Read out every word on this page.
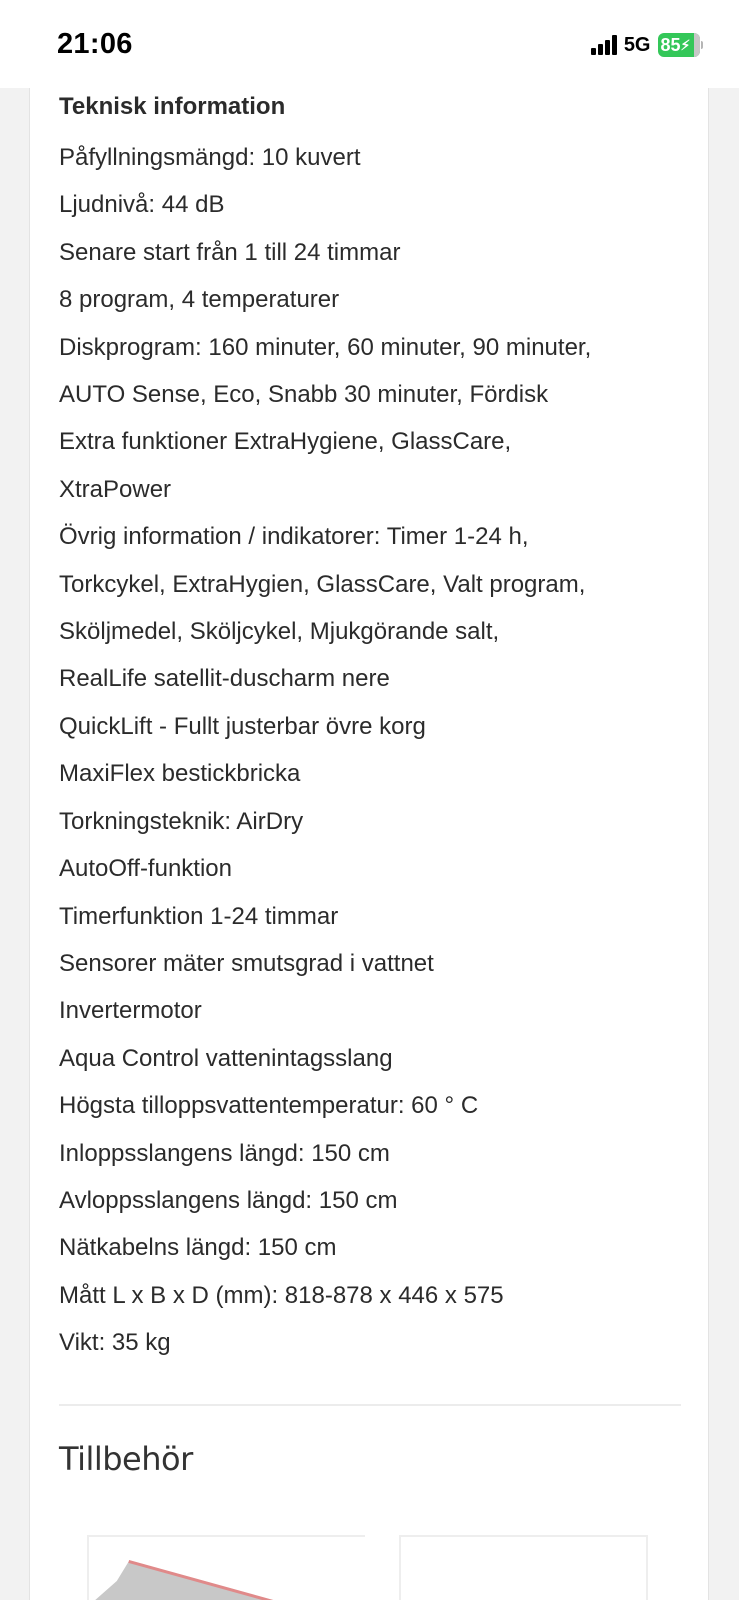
21:06	5G 85 ⚡︎
Teknisk information

Påfyllningsmängd: 10 kuvert

Ljudnivå: 44 dB

Senare start från 1 till 24 timmar

8 program, 4 temperaturer

Diskprogram: 160 minuter, 60 minuter, 90 minuter,

AUTO Sense, Eco, Snabb 30 minuter, Fördisk

Extra funktioner ExtraHygiene, GlassCare,

XtraPower

Övrig information / indikatorer: Timer 1-24 h,

Torkcykel, ExtraHygien, GlassCare, Valt program,

Sköljmedel, Sköljcykel, Mjukgörande salt,

RealLife satellit-duscharm nere

QuickLift - Fullt justerbar övre korg

MaxiFlex bestickbricka

Torkningsteknik: AirDry

AutoOff-funktion

Timerfunktion 1-24 timmar

Sensorer mäter smutsgrad i vattnet

Invertermotor

Aqua Control vattenintagsslang

Högsta tilloppsvattentemperatur: 60 ° C

Inloppsslangens längd: 150 cm

Avloppsslangens längd: 150 cm

Nätkabelns längd: 150 cm

Mått L x B x D (mm): 818-878 x 446 x 575

Vikt: 35 kg

Tillbehör
